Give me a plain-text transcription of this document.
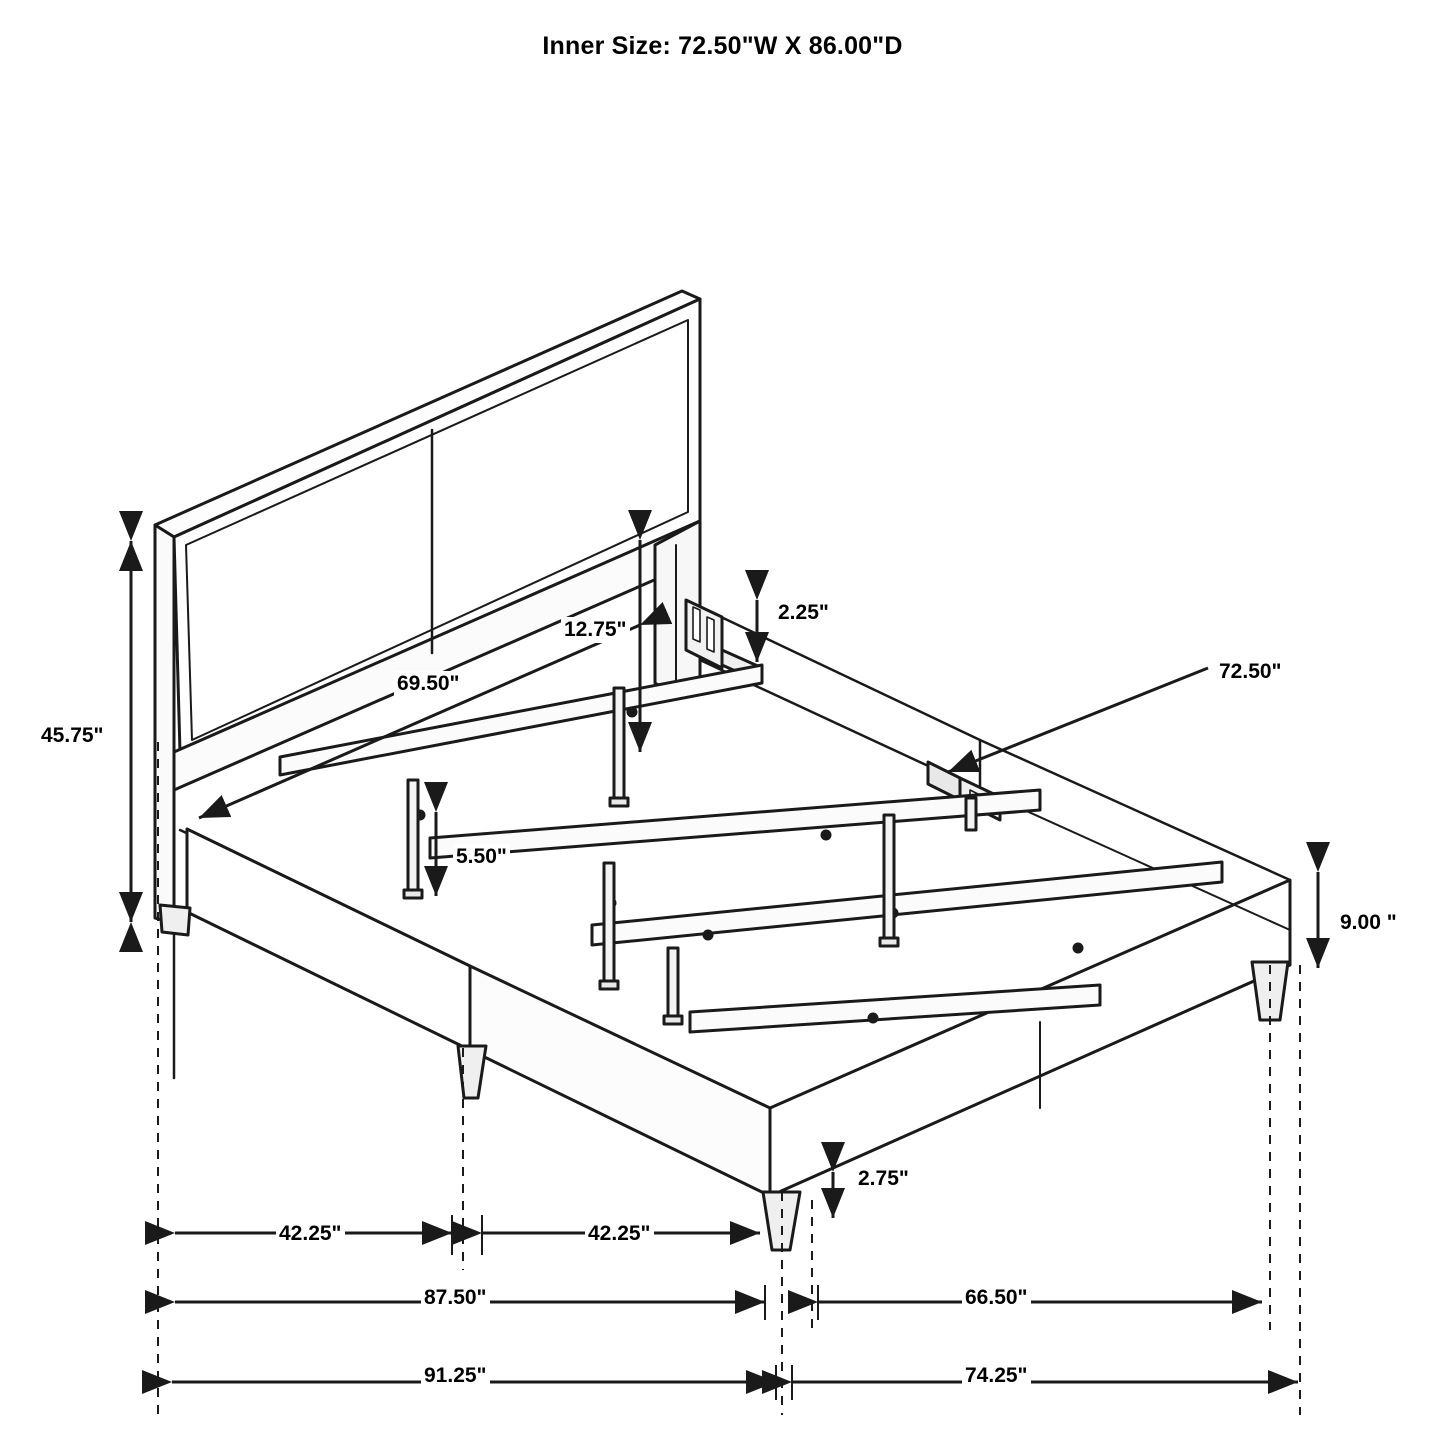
Inner Size: 72.50"W X 86.00"D
45.75"
12.75"
69.50"
2.25"
72.50"
5.50"
9.00 "
2.75"
42.25"	42.25"
87.50"	66.50"
91.25"	74.25"
